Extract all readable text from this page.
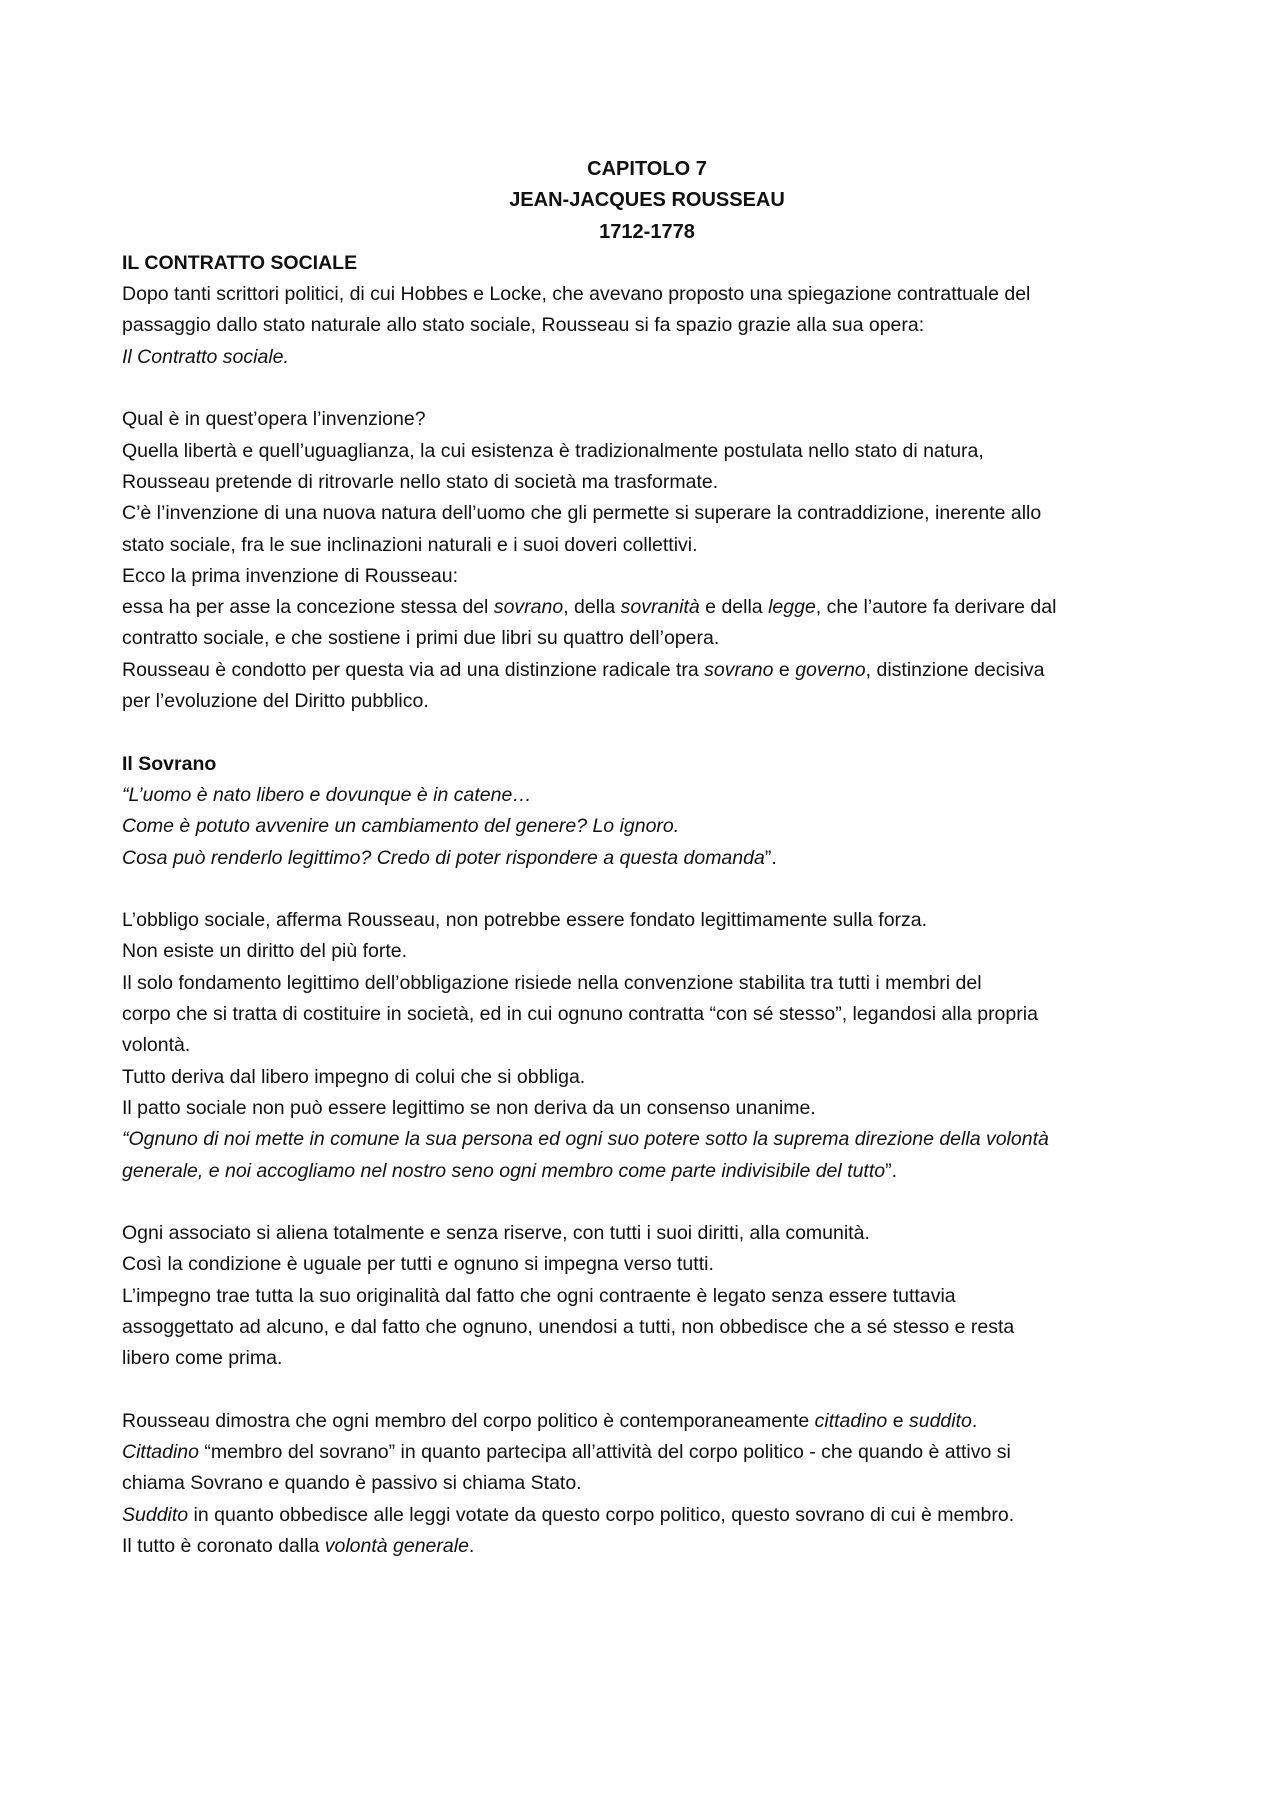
CAPITOLO 7

JEAN-JACQUES ROUSSEAU

1712-1778

IL CONTRATTO SOCIALE

Dopo tanti scrittori politici, di cui Hobbes e Locke, che avevano proposto una spiegazione contrattuale del

passaggio dallo stato naturale allo stato sociale, Rousseau si fa spazio grazie alla sua opera:

Il Contratto sociale.

Qual è in quest’opera l’invenzione?

Quella libertà e quell’uguaglianza, la cui esistenza è tradizionalmente postulata nello stato di natura,

Rousseau pretende di ritrovarle nello stato di società ma trasformate.

C’è l’invenzione di una nuova natura dell’uomo che gli permette si superare la contraddizione, inerente allo

stato sociale, fra le sue inclinazioni naturali e i suoi doveri collettivi.

Ecco la prima invenzione di Rousseau:

essa ha per asse la concezione stessa del sovrano, della sovranità e della legge, che l’autore fa derivare dal

contratto sociale, e che sostiene i primi due libri su quattro dell’opera.

Rousseau è condotto per questa via ad una distinzione radicale tra sovrano e governo, distinzione decisiva

per l’evoluzione del Diritto pubblico.

Il Sovrano

“L’uomo è nato libero e dovunque è in catene…

Come è potuto avvenire un cambiamento del genere? Lo ignoro.

Cosa può renderlo legittimo? Credo di poter rispondere a questa domanda”.

L’obbligo sociale, afferma Rousseau, non potrebbe essere fondato legittimamente sulla forza.

Non esiste un diritto del più forte.

Il solo fondamento legittimo dell’obbligazione risiede nella convenzione stabilita tra tutti i membri del

corpo che si tratta di costituire in società, ed in cui ognuno contratta “con sé stesso”, legandosi alla propria

volontà.

Tutto deriva dal libero impegno di colui che si obbliga.

Il patto sociale non può essere legittimo se non deriva da un consenso unanime.

“Ognuno di noi mette in comune la sua persona ed ogni suo potere sotto la suprema direzione della volontà

generale, e noi accogliamo nel nostro seno ogni membro come parte indivisibile del tutto”.

Ogni associato si aliena totalmente e senza riserve, con tutti i suoi diritti, alla comunità.

Così la condizione è uguale per tutti e ognuno si impegna verso tutti.

L’impegno trae tutta la suo originalità dal fatto che ogni contraente è legato senza essere tuttavia

assoggettato ad alcuno, e dal fatto che ognuno, unendosi a tutti, non obbedisce che a sé stesso e resta

libero come prima.

Rousseau dimostra che ogni membro del corpo politico è contemporaneamente cittadino e suddito.

Cittadino “membro del sovrano” in quanto partecipa all’attività del corpo politico - che quando è attivo si

chiama Sovrano e quando è passivo si chiama Stato.

Suddito in quanto obbedisce alle leggi votate da questo corpo politico, questo sovrano di cui è membro.

Il tutto è coronato dalla volontà generale.
